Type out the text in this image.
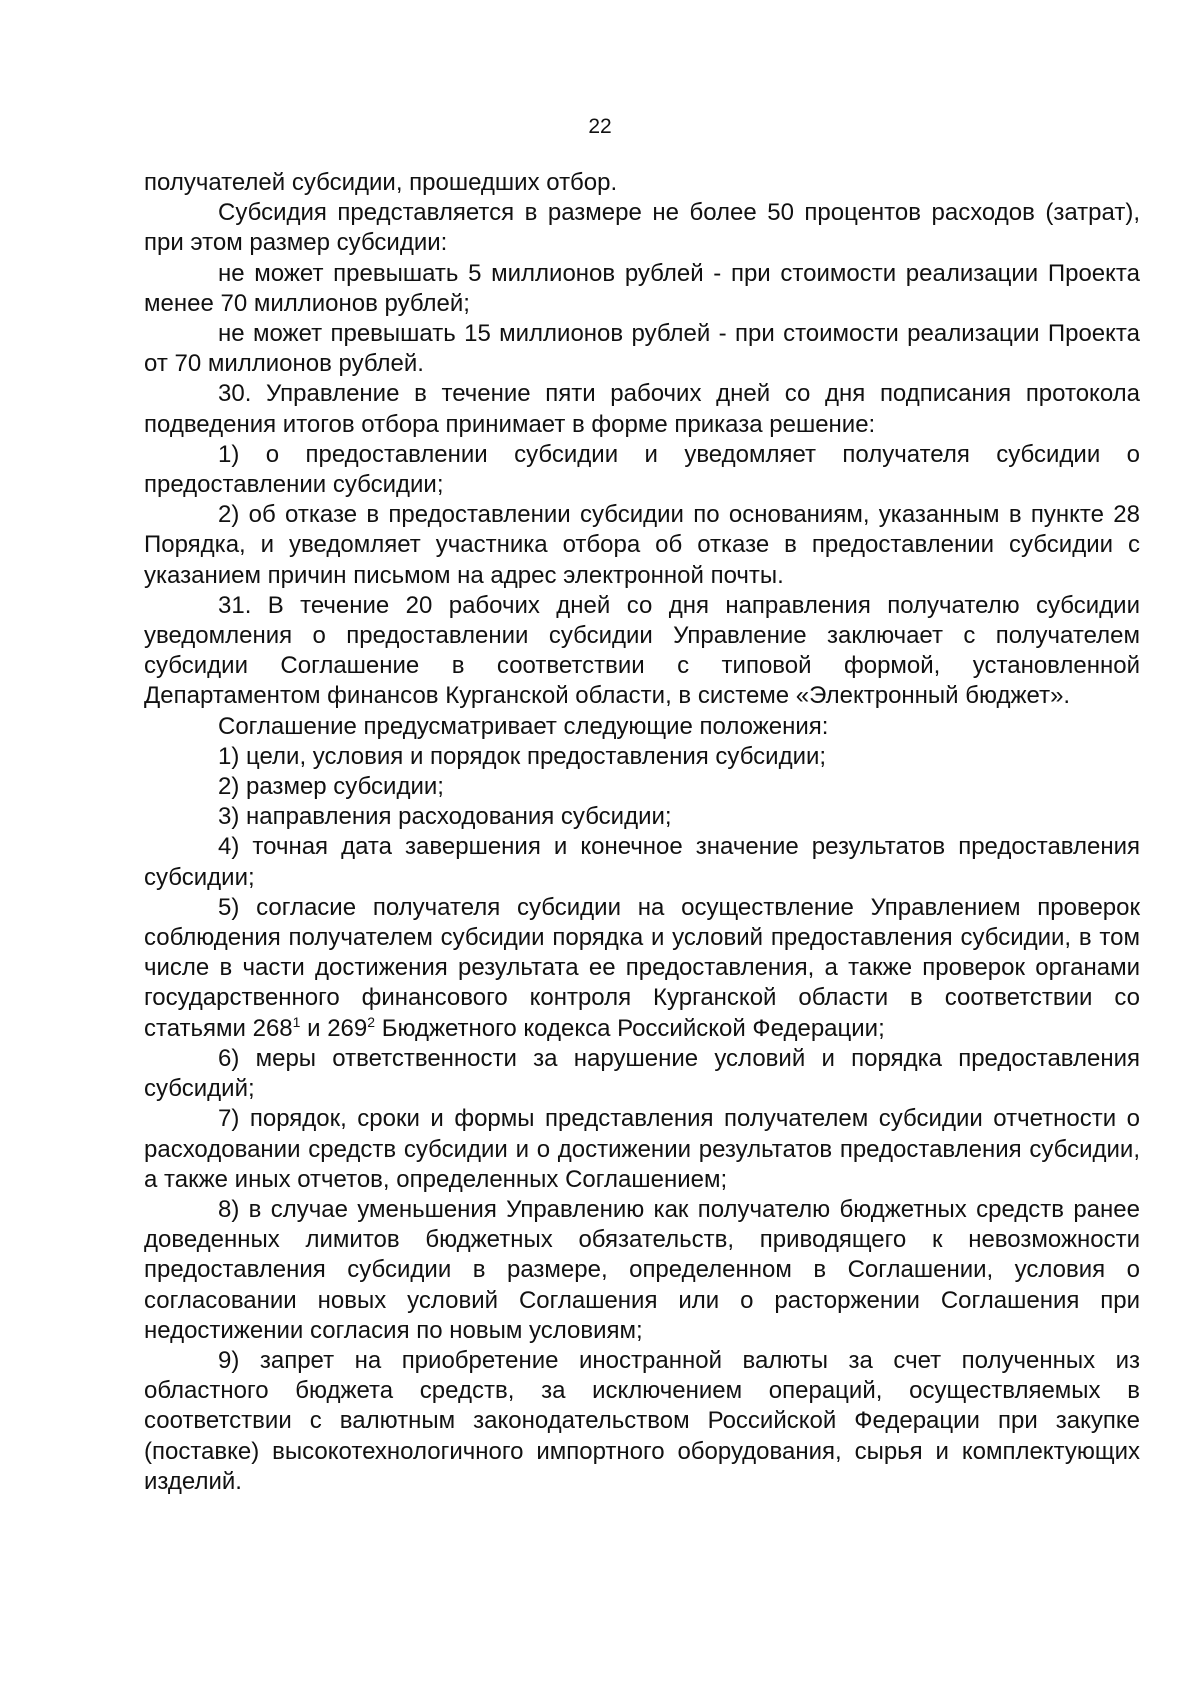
22

получателей субсидии, прошедших отбор.

Субсидия представляется в размере не более 50 процентов расходов (затрат), при этом размер субсидии:

не может превышать 5 миллионов рублей - при стоимости реализации Проекта менее 70 миллионов рублей;

не может превышать 15 миллионов рублей - при стоимости реализации Проекта от 70 миллионов рублей.

30. Управление в течение пяти рабочих дней со дня подписания протокола подведения итогов отбора принимает в форме приказа решение:

1) о предоставлении субсидии и уведомляет получателя субсидии о предоставлении субсидии;

2) об отказе в предоставлении субсидии по основаниям, указанным в пункте 28 Порядка, и уведомляет участника отбора об отказе в предоставлении субсидии с указанием причин письмом на адрес электронной почты.

31. В течение 20 рабочих дней со дня направления получателю субсидии уведомления о предоставлении субсидии Управление заключает с получателем субсидии Соглашение в соответствии с типовой формой, установленной Департаментом финансов Курганской области, в системе «Электронный бюджет».

Соглашение предусматривает следующие положения:

1) цели, условия и порядок предоставления субсидии;

2) размер субсидии;

3) направления расходования субсидии;

4) точная дата завершения и конечное значение результатов предоставления субсидии;

5) согласие получателя субсидии на осуществление Управлением проверок соблюдения получателем субсидии порядка и условий предоставления субсидии, в том числе в части достижения результата ее предоставления, а также проверок органами государственного финансового контроля Курганской области в соответствии со статьями $268^1$ и $269^2$ Бюджетного кодекса Российской Федерации;

6) меры ответственности за нарушение условий и порядка предоставления субсидий;

7) порядок, сроки и формы представления получателем субсидии отчетности о расходовании средств субсидии и о достижении результатов предоставления субсидии, а также иных отчетов, определенных Соглашением;

8) в случае уменьшения Управлению как получателю бюджетных средств ранее доведенных лимитов бюджетных обязательств, приводящего к невозможности предоставления субсидии в размере, определенном в Соглашении, условия о согласовании новых условий Соглашения или о расторжении Соглашения при недостижении согласия по новым условиям;

9) запрет на приобретение иностранной валюты за счет полученных из областного бюджета средств, за исключением операций, осуществляемых в соответствии с валютным законодательством Российской Федерации при закупке (поставке) высокотехнологичного импортного оборудования, сырья и комплектующих изделий.
